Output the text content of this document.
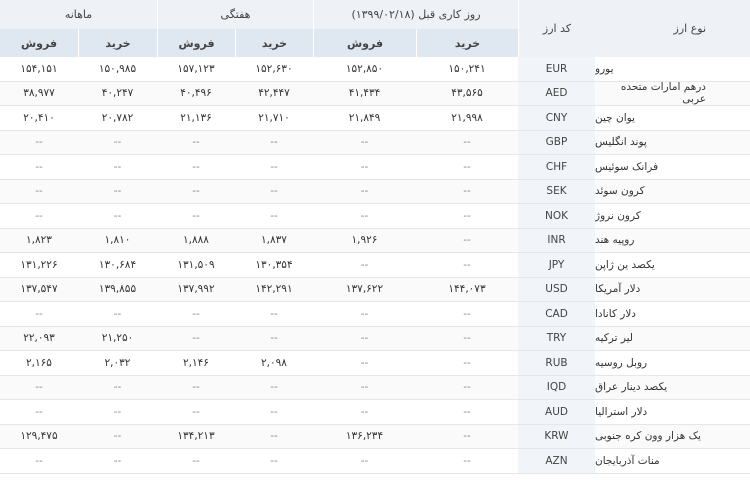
نوع ارز
کد ارز
روز کاری قبل (۱۳۹۹/۰۲/۱۸)
هفتگی
ماهانه
خرید
فروش
خرید
فروش
خرید
فروش
یورو
EUR
۱۵۰,۲۴۱
۱۵۲,۸۵۰
۱۵۲,۶۳۰
۱۵۷,۱۲۳
۱۵۰,۹۸۵
۱۵۴,۱۵۱
درهم امارات متحده عربی
AED
۴۳,۵۶۵
۴۱,۴۳۴
۴۲,۴۴۷
۴۰,۴۹۶
۴۰,۲۴۷
۳۸,۹۷۷
یوان چین
CNY
۲۱,۹۹۸
۲۱,۸۴۹
۲۱,۷۱۰
۲۱,۱۳۶
۲۰,۷۸۲
۲۰,۴۱۰
پوند انگلیس
GBP
--
--
--
--
--
--
فرانک سوئیس
CHF
--
--
--
--
--
--
کرون سوئد
SEK
--
--
--
--
--
--
کرون نروژ
NOK
--
--
--
--
--
--
روپیه هند
INR
--
۱,۹۲۶
۱,۸۳۷
۱,۸۸۸
۱,۸۱۰
۱,۸۲۳
یکصد ین ژاپن
JPY
--
--
۱۳۰,۳۵۴
۱۳۱,۵۰۹
۱۳۰,۶۸۴
۱۳۱,۲۲۶
دلار آمریکا
USD
۱۴۴,۰۷۳
۱۳۷,۶۲۲
۱۴۲,۲۹۱
۱۳۷,۹۹۲
۱۳۹,۸۵۵
۱۳۷,۵۴۷
دلار کانادا
CAD
--
--
--
--
--
--
لیر ترکیه
TRY
--
--
--
--
۲۱,۲۵۰
۲۲,۰۹۳
روبل روسیه
RUB
--
--
۲,۰۹۸
۲,۱۴۶
۲,۰۳۲
۲,۱۶۵
یکصد دینار عراق
IQD
--
--
--
--
--
--
دلار استرالیا
AUD
--
--
--
--
--
--
یک هزار وون کره جنوبی
KRW
--
۱۳۶,۲۳۴
--
۱۳۴,۲۱۳
--
۱۲۹,۴۷۵
منات آذربایجان
AZN
--
--
--
--
--
--
